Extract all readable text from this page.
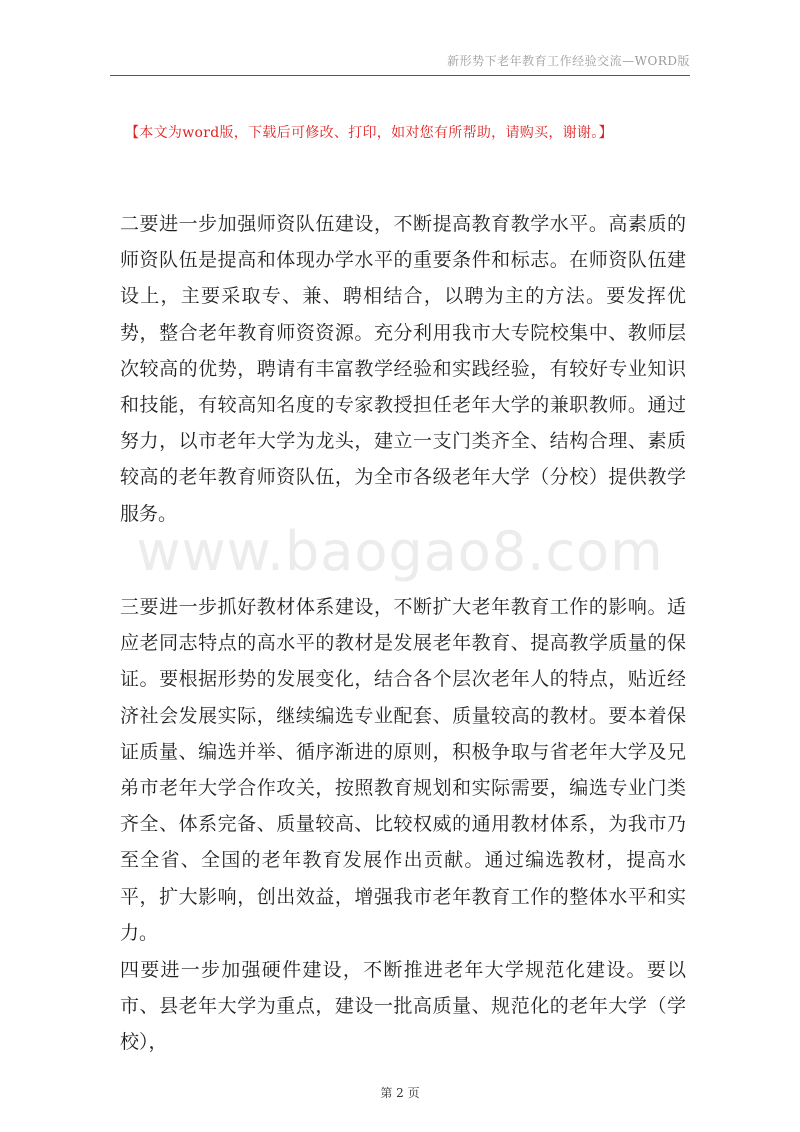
新形势下老年教育工作经验交流—WORD版
【本文为word版，下载后可修改、打印，如对您有所帮助，请购买，谢谢。】
www.baogao8.com

二要进一步加强师资队伍建设，不断提高教育教学水平。高素质的师资队伍是提高和体现办学水平的重要条件和标志。在师资队伍建设上，主要采取专、兼、聘相结合，以聘为主的方法。要发挥优势，整合老年教育师资资源。充分利用我市大专院校集中、教师层次较高的优势，聘请有丰富教学经验和实践经验，有较好专业知识和技能，有较高知名度的专家教授担任老年大学的兼职教师。通过努力，以市老年大学为龙头，建立一支门类齐全、结构合理、素质较高的老年教育师资队伍，为全市各级老年大学（分校）提供教学服务。

三要进一步抓好教材体系建设，不断扩大老年教育工作的影响。适应老同志特点的高水平的教材是发展老年教育、提高教学质量的保证。要根据形势的发展变化，结合各个层次老年人的特点，贴近经济社会发展实际，继续编选专业配套、质量较高的教材。要本着保证质量、编选并举、循序渐进的原则，积极争取与省老年大学及兄弟市老年大学合作攻关，按照教育规划和实际需要，编选专业门类齐全、体系完备、质量较高、比较权威的通用教材体系，为我市乃至全省、全国的老年教育发展作出贡献。通过编选教材，提高水平，扩大影响，创出效益，增强我市老年教育工作的整体水平和实力。

四要进一步加强硬件建设，不断推进老年大学规范化建设。要以市、县老年大学为重点，建设一批高质量、规范化的老年大学（学校），

第 2 页
